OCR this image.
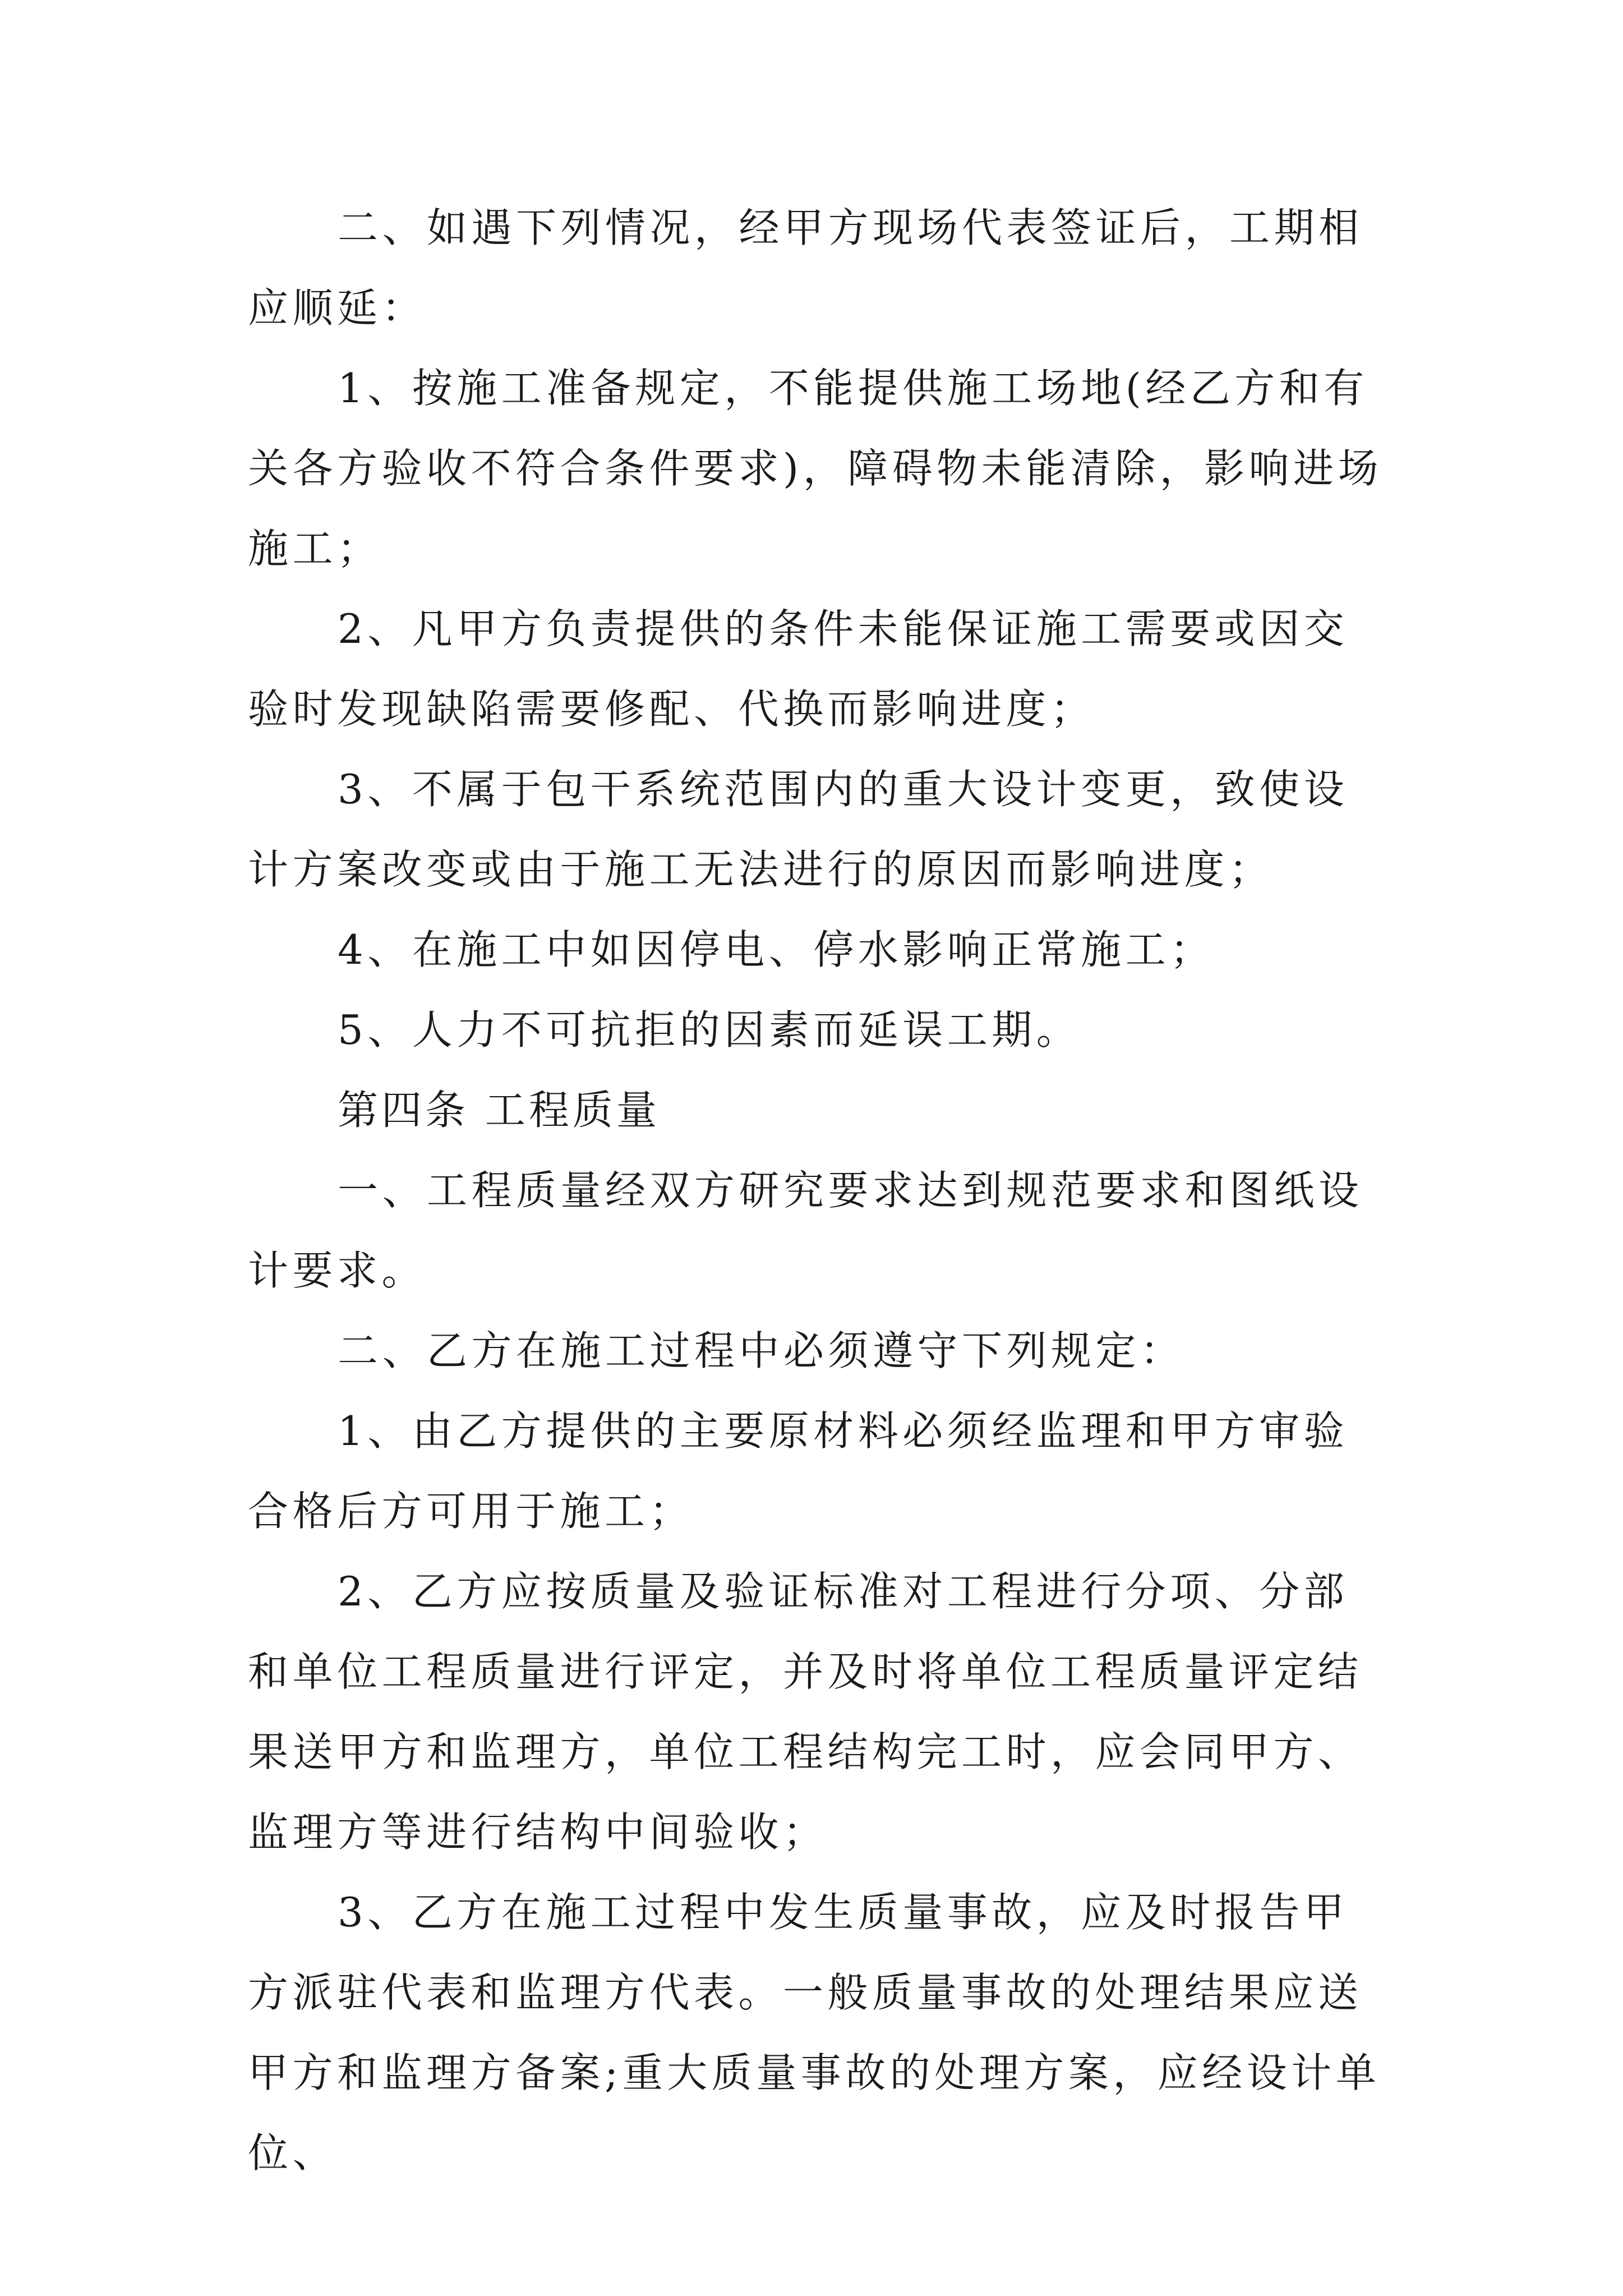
二、如遇下列情况，经甲方现场代表签证后，工期相应顺延：

1、按施工准备规定，不能提供施工场地(经乙方和有关各方验收不符合条件要求)，障碍物未能清除，影响进场施工；

2、凡甲方负责提供的条件未能保证施工需要或因交验时发现缺陷需要修配、代换而影响进度；

3、不属于包干系统范围内的重大设计变更，致使设计方案改变或由于施工无法进行的原因而影响进度；

4、在施工中如因停电、停水影响正常施工；

5、人力不可抗拒的因素而延误工期。

第四条 工程质量

一、工程质量经双方研究要求达到规范要求和图纸设计要求。

二、乙方在施工过程中必须遵守下列规定：

1、由乙方提供的主要原材料必须经监理和甲方审验合格后方可用于施工；

2、乙方应按质量及验证标准对工程进行分项、分部和单位工程质量进行评定，并及时将单位工程质量评定结果送甲方和监理方，单位工程结构完工时，应会同甲方、监理方等进行结构中间验收；

3、乙方在施工过程中发生质量事故，应及时报告甲方派驻代表和监理方代表。一般质量事故的处理结果应送甲方和监理方备案;重大质量事故的处理方案，应经设计单位、
